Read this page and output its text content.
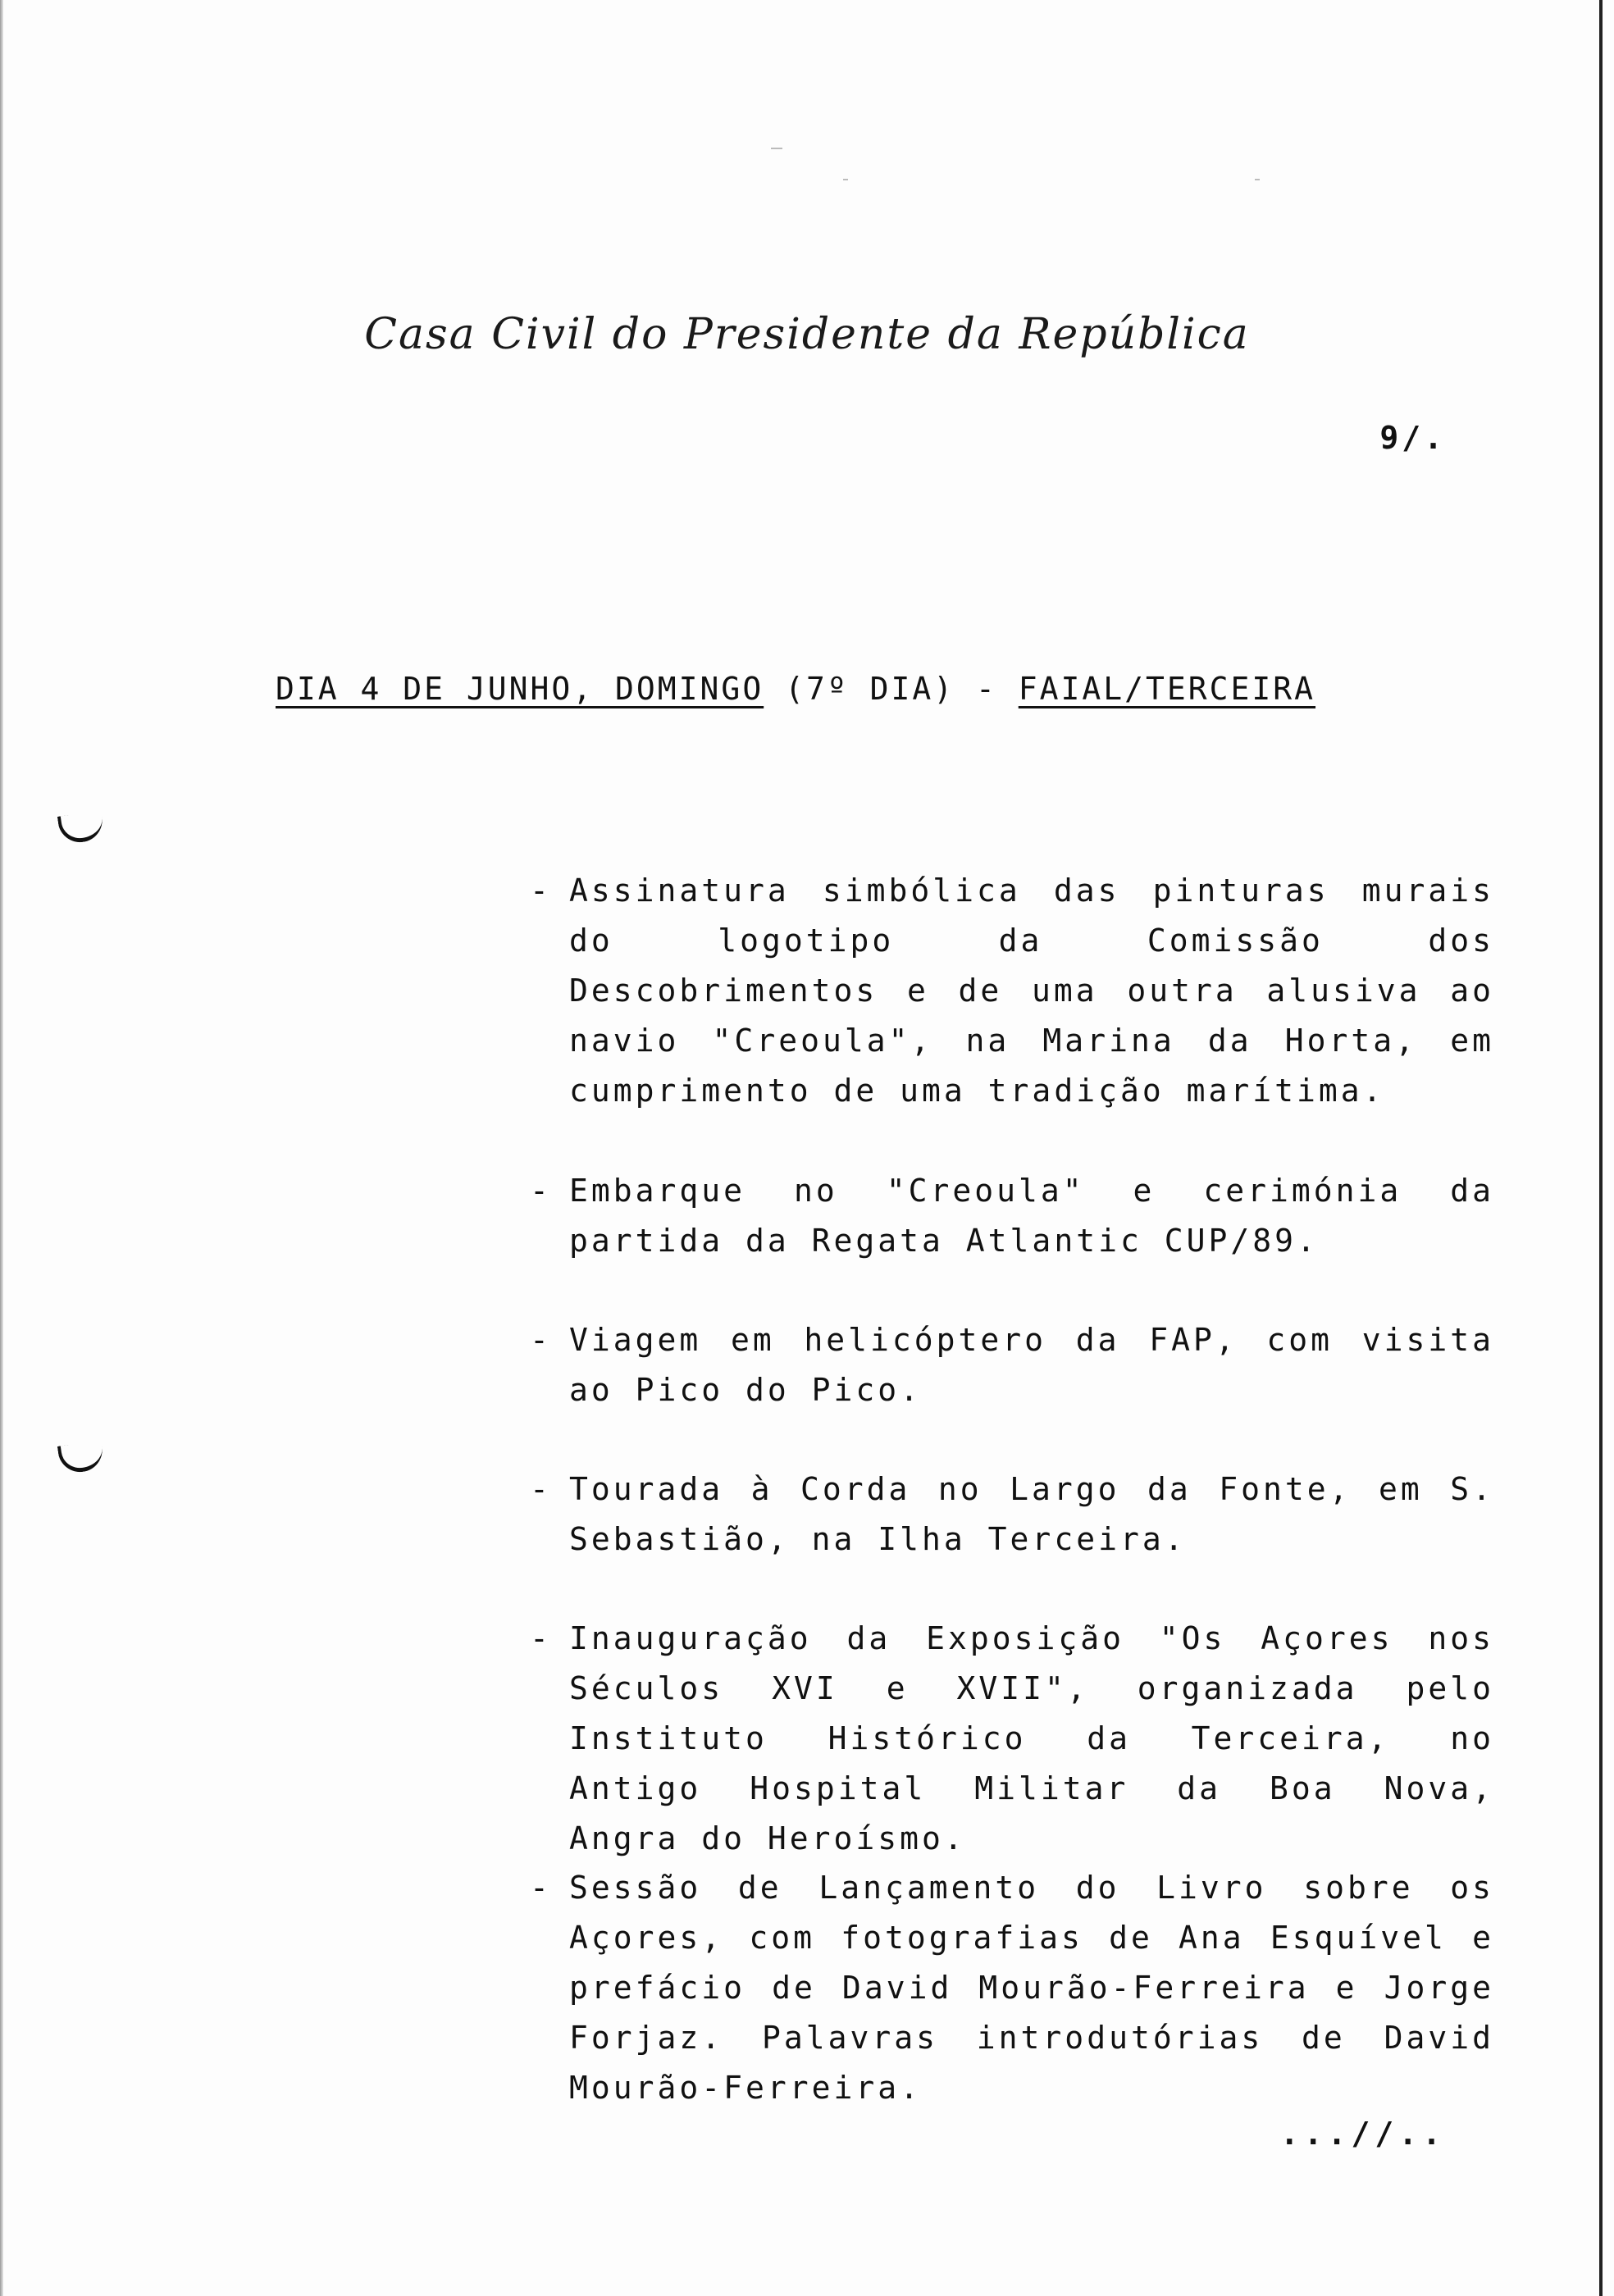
Casa Civil do Presidente da República
9/.
DIA 4 DE JUNHO, DOMINGO (7º DIA) - FAIAL/TERCEIRA
- Assinatura simbólica das pinturas murais do logotipo da Comissão dos Descobrimentos e de uma outra alusiva ao navio "Creoula", na Marina da Horta, em cumprimento de uma tradição marítima.
- Embarque no "Creoula" e cerimónia da partida da Regata Atlantic CUP/89.
- Viagem em helicóptero da FAP, com visita ao Pico do Pico.
- Tourada à Corda no Largo da Fonte, em S. Sebastião, na Ilha Terceira.
- Inauguração da Exposição "Os Açores nos Séculos XVI e XVII", organizada pelo Instituto Histórico da Terceira, no Antigo Hospital Militar da Boa Nova, Angra do Heroísmo.
- Sessão de Lançamento do Livro sobre os Açores, com fotografias de Ana Esquível e prefácio de David Mourão-Ferreira e Jorge Forjaz. Palavras introdutórias de David Mourão-Ferreira.
...//..
